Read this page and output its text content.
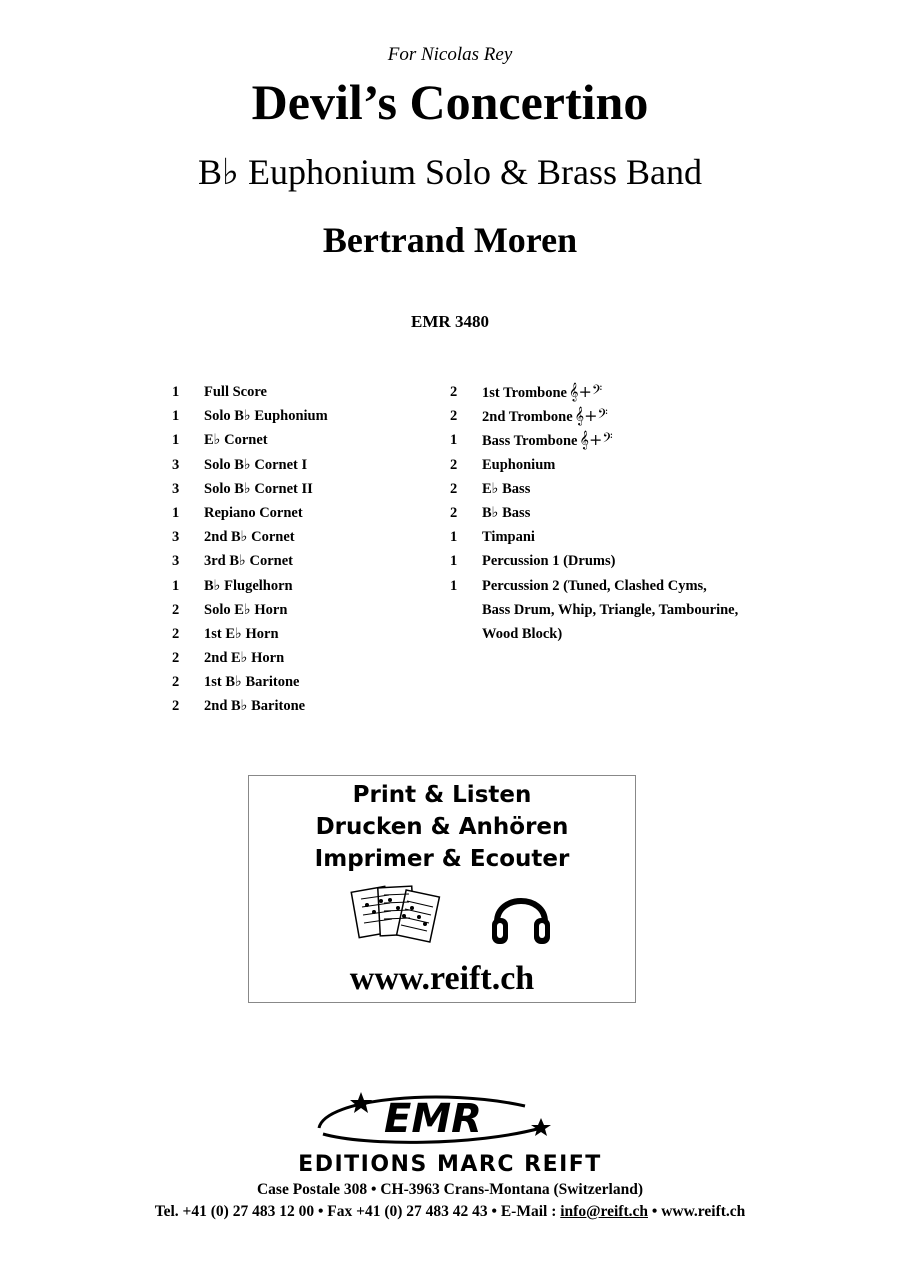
For Nicolas Rey
Devil’s Concertino
B♭ Euphonium Solo & Brass Band
Bertrand Moren
EMR 3480
1 Full Score
1 Solo B♭ Euphonium
1 E♭ Cornet
3 Solo B♭ Cornet I
3 Solo B♭ Cornet II
1 Repiano Cornet
3 2nd B♭ Cornet
3 3rd B♭ Cornet
1 B♭ Flugelhorn
2 Solo E♭ Horn
2 1st E♭ Horn
2 2nd E♭ Horn
2 1st B♭ Baritone
2 2nd B♭ Baritone
2 1st Trombone 𝄞+𝄢
2 2nd Trombone 𝄞+𝄢
1 Bass Trombone 𝄞+𝄢
2 Euphonium
2 E♭ Bass
2 B♭ Bass
1 Timpani
1 Percussion 1 (Drums)
1 Percussion 2 (Tuned, Clashed Cyms,
Bass Drum, Whip, Triangle, Tambourine,
Wood Block)
Print & Listen
Drucken & Anhören
Imprimer & Ecouter
www.reift.ch
EMR
EDITIONS MARC REIFT
Case Postale 308 • CH-3963 Crans-Montana (Switzerland)
Tel. +41 (0) 27 483 12 00 • Fax +41 (0) 27 483 42 43 • E-Mail : info@reift.ch • www.reift.ch
